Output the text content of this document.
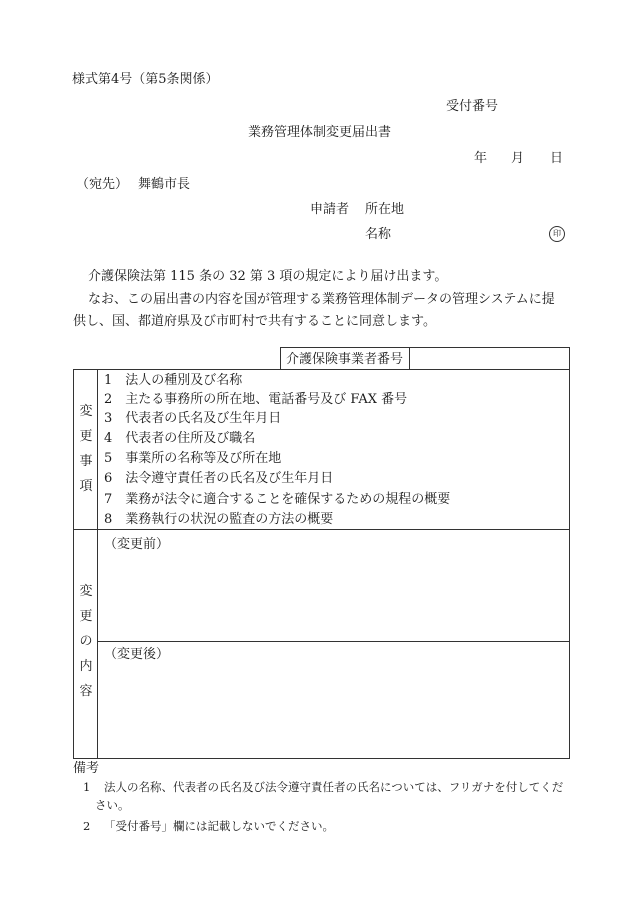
様式第4号（第5条関係）
受付番号
業務管理体制変更届出書
年 月 日
（宛先） 舞鶴市長
申請者 所在地
名称	印
介護保険法第 115 条の 32 第 3 項の規定により届け出ます。
なお、この届出書の内容を国が管理する業務管理体制データの管理システムに提
供し、国、都道府県及び市町村で共有することに同意します。
介護保険事業者番号
変
更
事
項
1　 法人の種別及び名称
2　 主たる事務所の所在地、電話番号及び FAX 番号
3　 代表者の氏名及び生年月日
4　 代表者の住所及び職名
5　 事業所の名称等及び所在地
6　 法令遵守責任者の氏名及び生年月日
7　 業務が法令に適合することを確保するための規程の概要
8　 業務執行の状況の監査の方法の概要
変
更
の
内
容
（変更前）
（変更後）
備考
1 法人の名称、代表者の氏名及び法令遵守責任者の氏名については、フリガナを付してくだ
さい。
2 「受付番号」欄には記載しないでください。
